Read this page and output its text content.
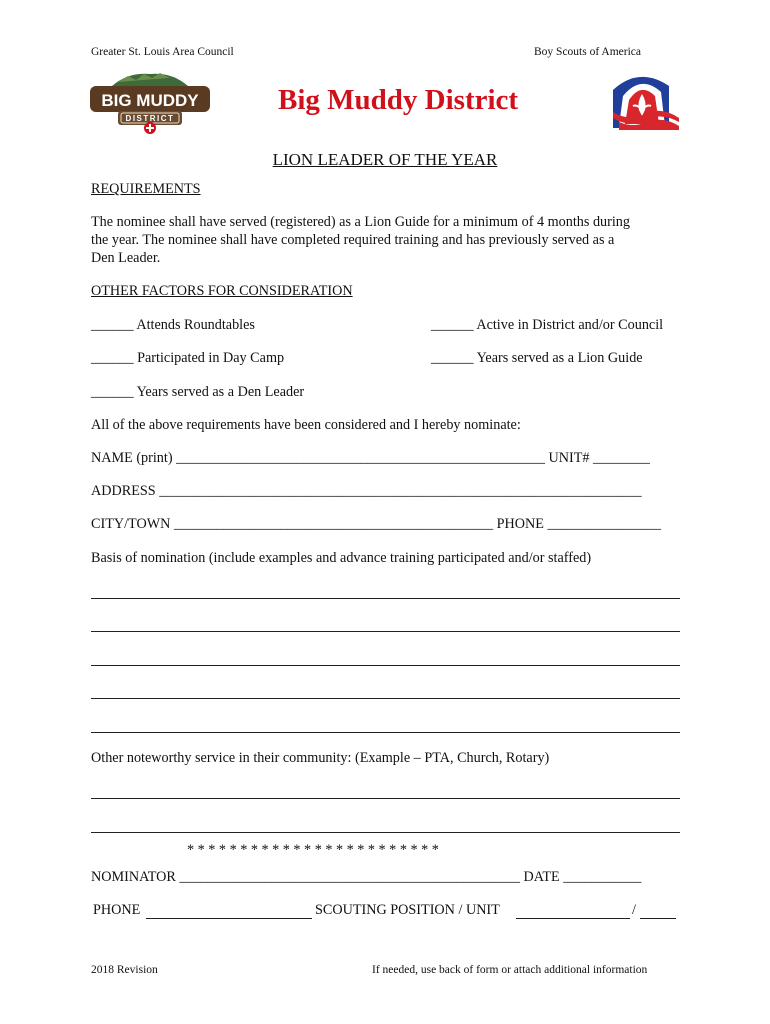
Greater St. Louis Area Council	Boy Scouts of America
BIG MUDDY
DISTRICT
Big Muddy District
LION LEADER OF THE YEAR
REQUIREMENTS
The nominee shall have served (registered) as a Lion Guide for a minimum of 4 months during
the year. The nominee shall have completed required training and has previously served as a
Den Leader.
OTHER FACTORS FOR CONSIDERATION
______ Attends Roundtables	______ Active in District and/or Council
______ Participated in Day Camp	______ Years served as a Lion Guide
______ Years served as a Den Leader
All of the above requirements have been considered and I hereby nominate:
NAME (print) ____________________________________________________ UNIT# ________
ADDRESS ____________________________________________________________________
CITY/TOWN _____________________________________________ PHONE ________________
Basis of nomination (include examples and advance training participated and/or staffed)
Other noteworthy service in their community: (Example – PTA, Church, Rotary)
* * * * * * * * * * * * * * * * * * * * * * * *
NOMINATOR ________________________________________________ DATE ___________
PHONE	SCOUTING POSITION / UNIT	/
2018 Revision	If needed, use back of form or attach additional information
